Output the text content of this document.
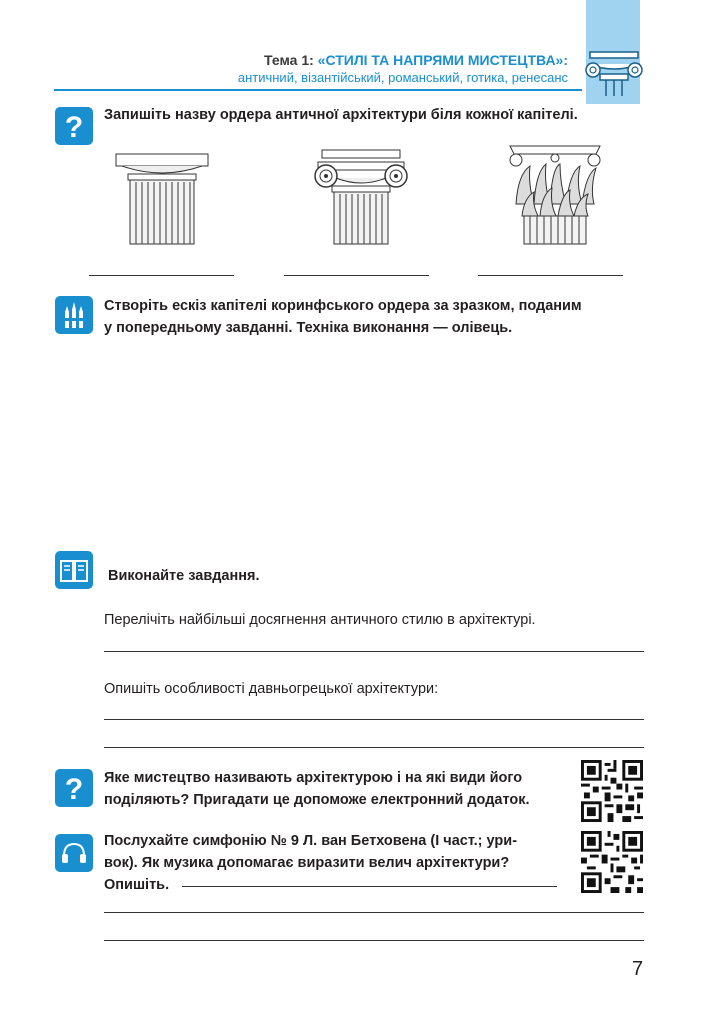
Тема 1: «СТИЛІ ТА НАПРЯМИ МИСТЕЦТВА»:
античний, візантійський, романський, готика, ренесанс
? Запишіть назву ордера античної архітектури біля кожної капітелі.
Створіть ескіз капітелі коринфського ордера за зразком, поданим
у попередньому завданні. Техніка виконання — олівець.
Виконайте завдання.
Перелічіть найбільші досягнення античного стилю в архітектурі.
Опишіть особливості давньогрецької архітектури:
? Яке мистецтво називають архітектурою і на які види його
поділяють? Пригадати це допоможе електронний додаток.
Послухайте симфонію № 9 Л. ван Бетховена (І част.; ури-
вок). Як музика допомагає виразити велич архітектури?
Опишіть.
7
